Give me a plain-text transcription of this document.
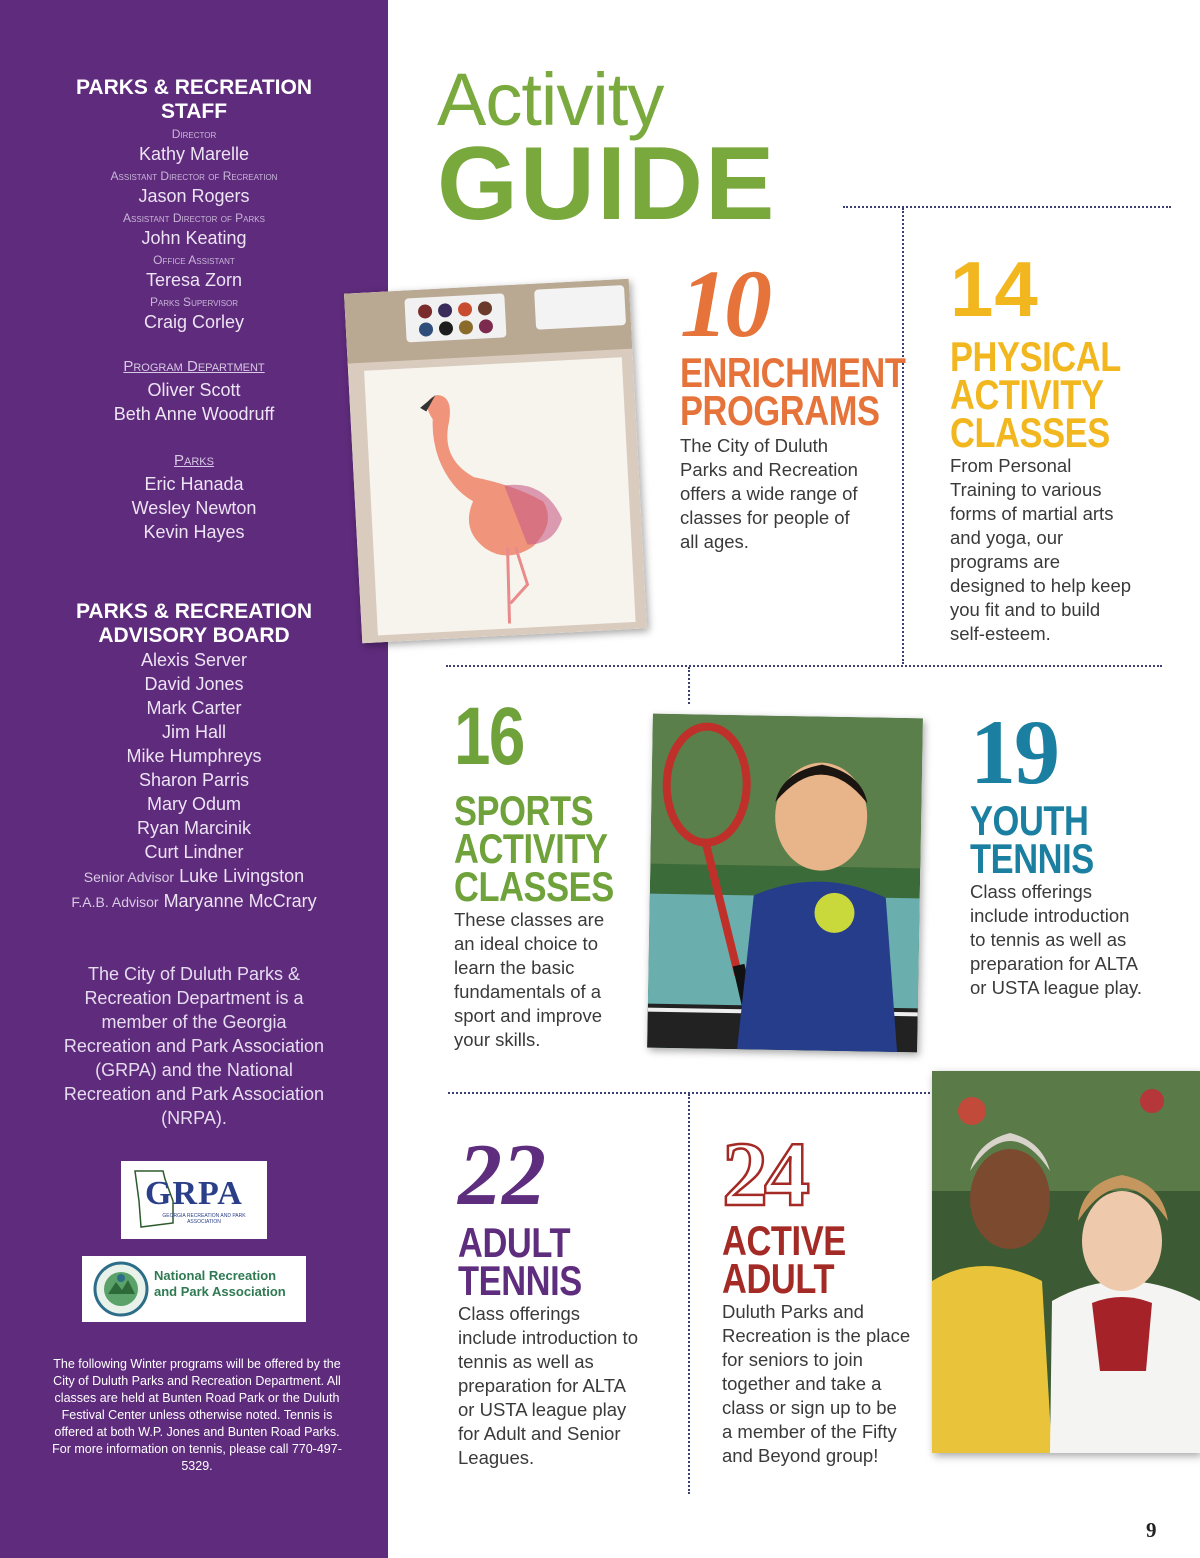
PARKS & RECREATION
STAFF
Director
Kathy Marelle
Assistant Director of Recreation
Jason Rogers
Assistant Director of Parks
John Keating
Office Assistant
Teresa Zorn
Parks Supervisor
Craig Corley
Program Department
Oliver Scott
Beth Anne Woodruff
Parks
Eric Hanada
Wesley Newton
Kevin Hayes
PARKS & RECREATION
ADVISORY BOARD
Alexis Server
David Jones
Mark Carter
Jim Hall
Mike Humphreys
Sharon Parris
Mary Odum
Ryan Marcinik
Curt Lindner
Senior Advisor Luke Livingston
F.A.B. Advisor Maryanne McCrary
The City of Duluth Parks & Recreation Department is a member of the Georgia Recreation and Park Association (GRPA) and the National Recreation and Park Association (NRPA).
GRPA
GEORGIA RECREATION AND PARK ASSOCIATION
National Recreation
and Park Association
The following Winter programs will be offered by the City of Duluth Parks and Recreation Department. All classes are held at Bunten Road Park or the Duluth Festival Center unless otherwise noted. Tennis is offered at both W.P. Jones and Bunten Road Parks. For more information on tennis, please call 770-497-5329.
Activity
GUIDE
10
ENRICHMENT
PROGRAMS
The City of Duluth Parks and Recreation offers a wide range of classes for people of all ages.
14
PHYSICAL
ACTIVITY
CLASSES
From Personal Training to various forms of martial arts and yoga, our programs are designed to help keep you fit and to build self-esteem.
16
SPORTS
ACTIVITY
CLASSES
These classes are an ideal choice to learn the basic fundamentals of a sport and improve your skills.
19
YOUTH
TENNIS
Class offerings include introduction to tennis as well as preparation for ALTA or USTA league play.
22
ADULT
TENNIS
Class offerings include introduction to tennis as well as preparation for ALTA or USTA league play for Adult and Senior Leagues.
24
ACTIVE
ADULT
Duluth Parks and Recreation is the place for seniors to join together and take a class or sign up to be a member of the Fifty and Beyond group!
9
